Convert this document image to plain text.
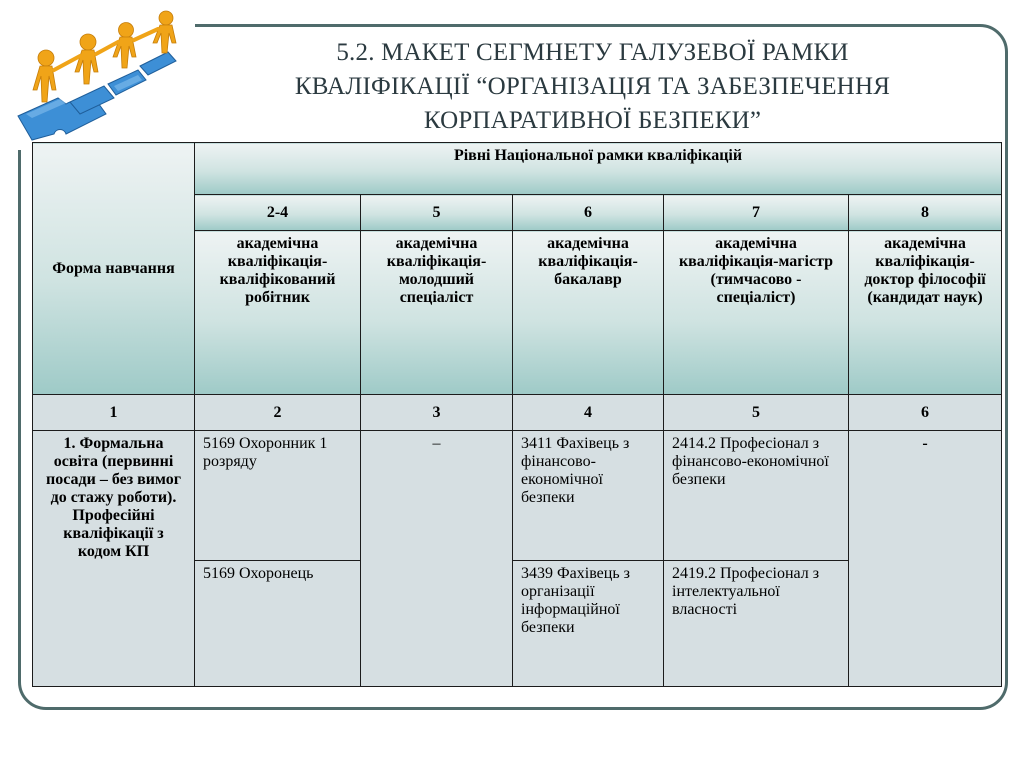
5.2. МАКЕТ СЕГМНЕТУ ГАЛУЗЕВОЇ РАМКИ
КВАЛІФІКАЦІЇ “ОРГАНІЗАЦІЯ ТА ЗАБЕЗПЕЧЕННЯ
КОРПАРАТИВНОЇ БЕЗПЕКИ”
Форма навчання	Рівні Національної рамки кваліфікацій				
	2-4	5	6	7	8
	академічна кваліфікація-кваліфікований робітник	академічна кваліфікація-молодший спеціаліст	академічна кваліфікація-бакалавр	академічна кваліфікація-магістр (тимчасово - спеціаліст)	академічна кваліфікація-доктор філософії (кандидат наук)
1	2	3	4	5	6
1. Формальна освіта (первинні посади – без вимог до стажу роботи). Професійні кваліфікації з кодом КП	5169 Охоронник 1 розряду	–	3411 Фахівець з фінансово-економічної безпеки	2414.2 Професіонал з фінансово-економічної безпеки	-
	5169 Охоронець		3439 Фахівець з організації інформаційної безпеки	2419.2 Професіонал з інтелектуальної власності	
